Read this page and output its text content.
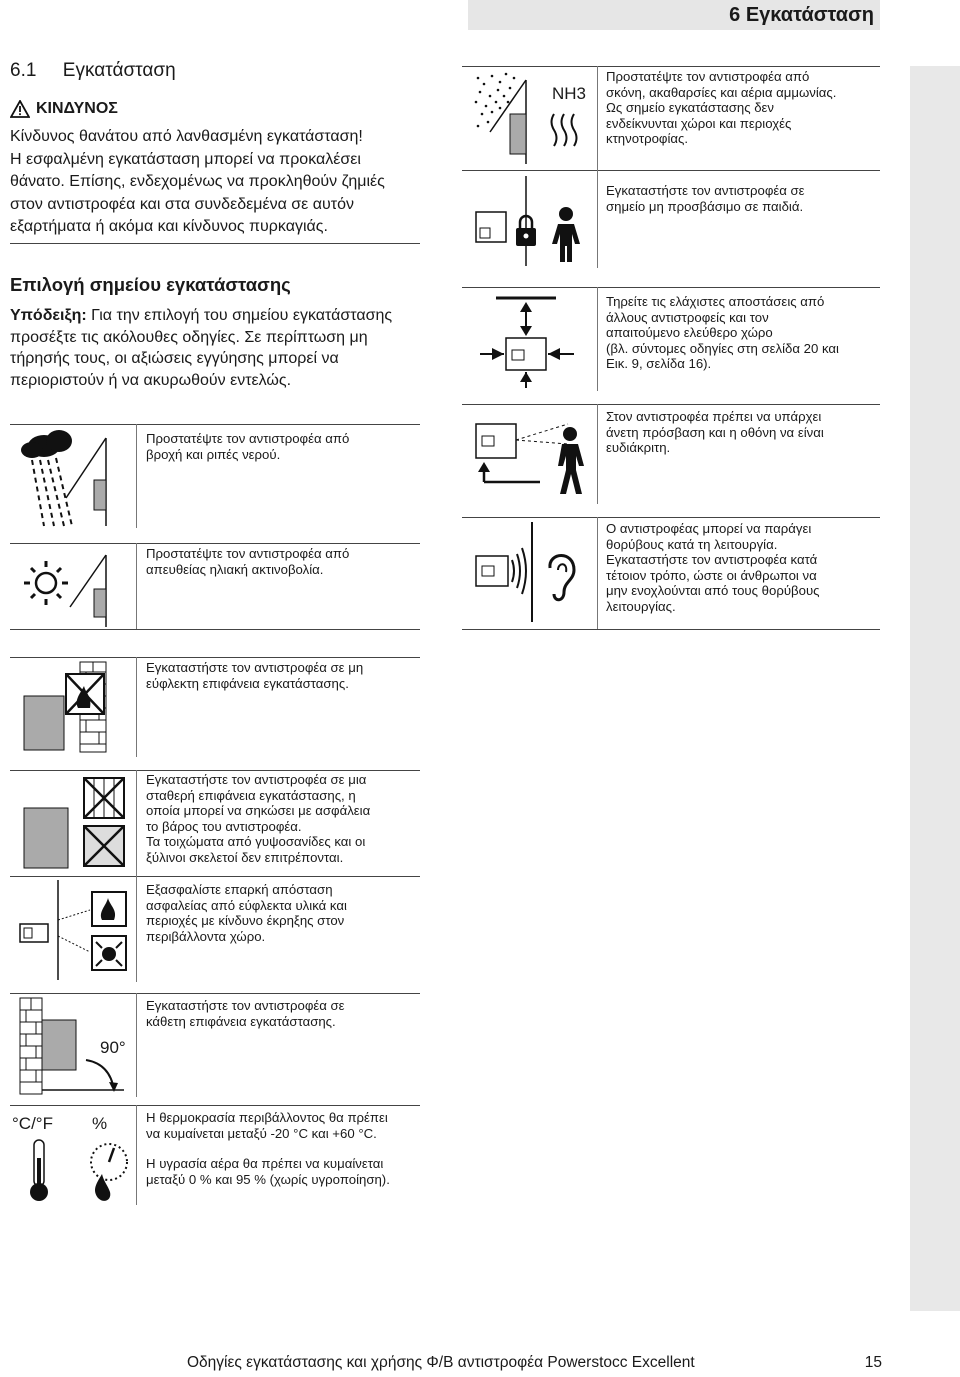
6 Εγκατάσταση
6.1     Εγκατάσταση
ΚΙΝΔΥΝΟΣ
Κίνδυνος θανάτου από λανθασμένη εγκατάσταση!
Η εσφαλμένη εγκατάσταση μπορεί να προκαλέσει
θάνατο. Επίσης, ενδεχομένως να προκληθούν ζημιές
στον αντιστροφέα και στα συνδεδεμένα σε αυτόν
εξαρτήματα ή ακόμα και κίνδυνος πυρκαγιάς.
Επιλογή σημείου εγκατάστασης
Υπόδειξη: Για την επιλογή του σημείου εγκατάστασης προσέξτε τις ακόλουθες οδηγίες. Σε περίπτωση μη τήρησής τους, οι αξιώσεις εγγύησης μπορεί να περιοριστούν ή να ακυρωθούν εντελώς.
Προστατέψτε τον αντιστροφέα από
βροχή και ριπές νερού.
Προστατέψτε τον αντιστροφέα από
απευθείας ηλιακή ακτινοβολία.
Εγκαταστήστε τον αντιστροφέα σε μη
εύφλεκτη επιφάνεια εγκατάστασης.
Εγκαταστήστε τον αντιστροφέα σε μια
σταθερή επιφάνεια εγκατάστασης, η
οποία μπορεί να σηκώσει με ασφάλεια
το βάρος του αντιστροφέα.
Τα τοιχώματα από γυψοσανίδες και οι
ξύλινοι σκελετοί δεν επιτρέπονται.
Εξασφαλίστε επαρκή απόσταση
ασφαλείας από εύφλεκτα υλικά και
περιοχές με κίνδυνο έκρηξης στον
περιβάλλοντα χώρο.
90°
Εγκαταστήστε τον αντιστροφέα σε
κάθετη επιφάνεια εγκατάστασης.
°C/°F %	Η θερμοκρασία περιβάλλοντος θα πρέπει
να κυμαίνεται μεταξύ -20 °C και +60 °C.
Η υγρασία αέρα θα πρέπει να κυμαίνεται
μεταξύ 0 % και 95 % (χωρίς υγροποίηση).
NH3
Προστατέψτε τον αντιστροφέα από
σκόνη, ακαθαρσίες και αέρια αμμωνίας.
Ως σημείο εγκατάστασης δεν
ενδείκνυνται χώροι και περιοχές
κτηνοτροφίας.
Εγκαταστήστε τον αντιστροφέα σε
σημείο μη προσβάσιμο σε παιδιά.
Τηρείτε τις ελάχιστες αποστάσεις από
άλλους αντιστροφείς και τον
απαιτούμενο ελεύθερο χώρο
(βλ. σύντομες οδηγίες στη σελίδα 20 και
Εικ. 9, σελίδα 16).
Στον αντιστροφέα πρέπει να υπάρχει
άνετη πρόσβαση και η οθόνη να είναι
ευδιάκριτη.
Ο αντιστροφέας μπορεί να παράγει
θορύβους κατά τη λειτουργία.
Εγκαταστήστε τον αντιστροφέα κατά
τέτοιον τρόπο, ώστε οι άνθρωποι να
μην ενοχλούνται από τους θορύβους
λειτουργίας.
Οδηγίες εγκατάστασης και χρήσης Φ/Β αντιστροφέα Powerstocc Excellent	15
